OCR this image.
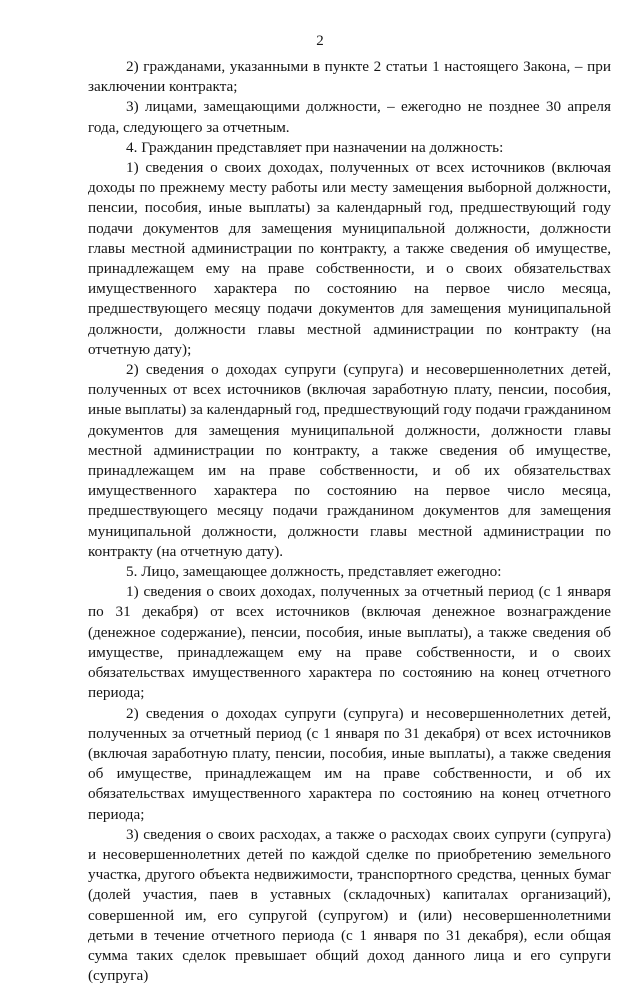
2

2) гражданами, указанными в пункте 2 статьи 1 настоящего Закона, – при заключении контракта;

3) лицами, замещающими должности, – ежегодно не позднее 30 апреля года, следующего за отчетным.

4. Гражданин представляет при назначении на должность:

1) сведения о своих доходах, полученных от всех источников (включая доходы по прежнему месту работы или месту замещения выборной должности, пенсии, пособия, иные выплаты) за календарный год, предшествующий году подачи документов для замещения муниципальной должности, должности главы местной администрации по контракту, а также сведения об имуществе, принадлежащем ему на праве собственности, и о своих обязательствах имущественного характера по состоянию на первое число месяца, предшествующего месяцу подачи документов для замещения муниципальной должности, должности главы местной администрации по контракту (на отчетную дату);

2) сведения о доходах супруги (супруга) и несовершеннолетних детей, полученных от всех источников (включая заработную плату, пенсии, пособия, иные выплаты) за календарный год, предшествующий году подачи гражданином документов для замещения муниципальной должности, должности главы местной администрации по контракту, а также сведения об имуществе, принадлежащем им на праве собственности, и об их обязательствах имущественного характера по состоянию на первое число месяца, предшествующего месяцу подачи гражданином документов для замещения муниципальной должности, должности главы местной администрации по контракту (на отчетную дату).

5. Лицо, замещающее должность, представляет ежегодно:

1) сведения о своих доходах, полученных за отчетный период (с 1 января по 31 декабря) от всех источников (включая денежное вознаграждение (денежное содержание), пенсии, пособия, иные выплаты), а также сведения об имуществе, принадлежащем ему на праве собственности, и о своих обязательствах имущественного характера по состоянию на конец отчетного периода;

2) сведения о доходах супруги (супруга) и несовершеннолетних детей, полученных за отчетный период (с 1 января по 31 декабря) от всех источников (включая заработную плату, пенсии, пособия, иные выплаты), а также сведения об имуществе, принадлежащем им на праве собственности, и об их обязательствах имущественного характера по состоянию на конец отчетного периода;

3) сведения о своих расходах, а также о расходах своих супруги (супруга) и несовершеннолетних детей по каждой сделке по приобретению земельного участка, другого объекта недвижимости, транспортного средства, ценных бумаг (долей участия, паев в уставных (складочных) капиталах организаций), совершенной им, его супругой (супругом) и (или) несовершеннолетними детьми в течение отчетного периода (с 1 января по 31 декабря), если общая сумма таких сделок превышает общий доход данного лица и его супруги (супруга)
